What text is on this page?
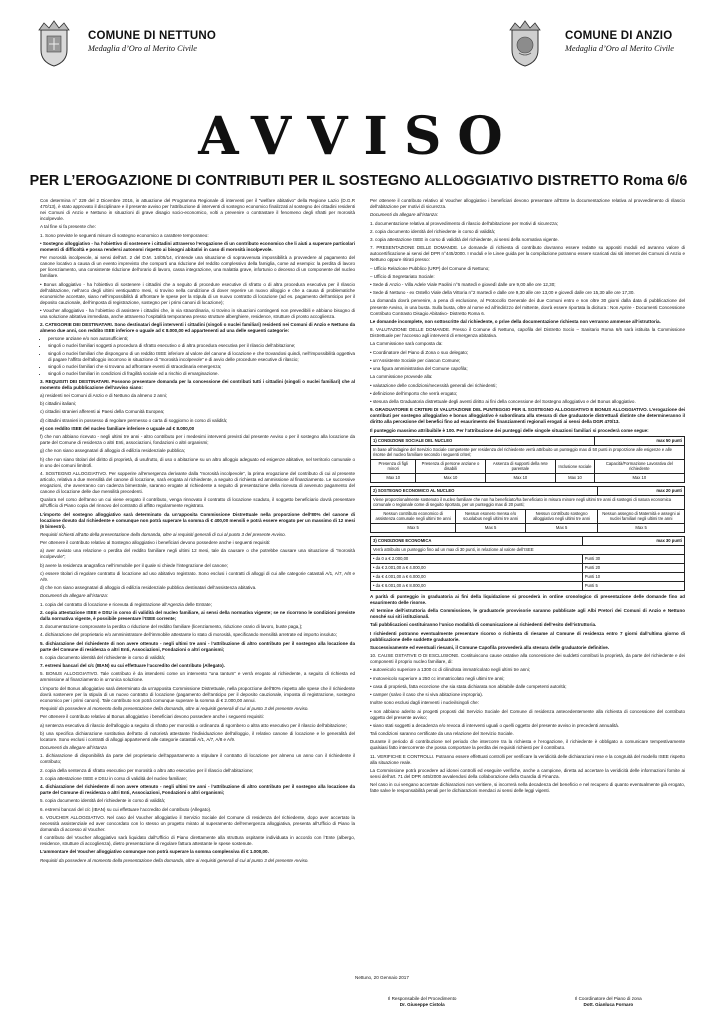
COMUNE DI NETTUNO
Medaglia d’Oro al Merito Civile
COMUNE DI ANZIO
Medaglia d’Oro al Merito Civile
AVVISO
PER L’EROGAZIONE DI CONTRIBUTI PER IL SOSTEGNO ALLOGGIATIVO DISTRETTO Roma 6/6

Con determina n° 229 del 2 Dicembre 2016, in attuazione del Programma Regionale di interventi per il “welfare abitativo” della Regione Lazio (D.G.R 470/13), è stato approvato il disciplinare e il presente avviso per l’attribuzione di interventi di sostegno economico finalizzati al sostegno dei cittadini residenti nei Comuni di Anzio e Nettuno in situazioni di grave disagio socio-economico, volti a prevenire o contrastare il fenomeno degli sfratti per morosità incolpevole.

A tal fine si fa presente che:

1. Sono previste le seguenti misure di sostegno economico a carattere temporaneo:

• Sostegno alloggiativo - ha l’obiettivo di sostenere i cittadini attraverso l’erogazione di un contributo economico che li aiuti a superare particolari momenti di difficoltà e possa rendersi autonomi rispetto ai bisogni abitativi in caso di morosità incolpevole.

Per morosità incolpevole, ai sensi dell’art. 2 del D.M. 14/05/14, s’intende una situazione di sopravvenuta impossibilità a provvedere al pagamento del canone locativo a causa di un evento imprevisto che comporti una riduzione del reddito complessivo della famiglia, come ad esempio: la perdita di lavoro per licenziamento, una consistente riduzione dell’orario di lavoro, cassa integrazione, una malattia grave, infortunio o decesso di un componente del nucleo familiare.

• Bonus alloggiativo - ha l’obiettivo di sostenere i cittadini che a seguito di procedure esecutive di sfratto o di altra procedura esecutiva per il rilascio dell’abitazione, nell’arco degli ultimi ventiquattro mesi, si trovino nella condizione di dover reperire un nuovo alloggio e che a causa di problematiche economiche accertate, siano nell’impossibilità di affrontare le spese per la stipula di un nuovo contratto di locazione (ad es. pagamento dell’anticipo per il deposito cauzionale, dell’imposta di registrazione, sostegno per i primi canoni di locazione);

• Voucher alloggiativo - ha l’obiettivo di assistere i cittadini che, in via straordinaria, si trovino in situazioni contingenti non prevedibili e abbiano bisogno di una soluzione abitativa immediata, anche attraverso l’ospitalità temporanea presso strutture alberghiere, residence, strutture di pronto accoglienza.

2. CATEGORIE DEI DESTINATARI. Sono destinatari degli interventi i cittadini (singoli o nuclei familiari) residenti nei Comuni di Anzio e Nettuno da almeno due anni, con reddito ISEE inferiore o uguale ad € 8.000,00 ed appartenenti ad una delle seguenti categorie:

• persone anziane e/o non autosufficienti;
• singoli o nuclei familiari soggetti a procedura di sfratto esecutivo o di altra procedura esecutiva per il rilascio dell’abitazione;
• singoli o nuclei familiari che dispongono di un reddito ISEE inferiore al valore del canone di locazione e che trovandosi quindi, nell’impossibilità oggettiva di pagare l’affitto dell’alloggio incorrono in situazione di “morosità incolpevole” e di avvio delle procedure esecutive di rilascio;
• singoli o nuclei familiari che si trovano ad affrontare eventi di straordinaria emergenza;
• singoli o nuclei familiari in condizioni di fragilità sociale ed a rischio di emarginazione.

3. REQUISITI DEI DESTINATARI. Possono presentare domanda per la concessione dei contributi tutti i cittadini (singoli o nuclei familiari) che al momento della pubblicazione dell’avviso siano:

a) residenti nei Comuni di Anzio e di Nettuno da almeno 2 anni;

b) cittadini italiani;

c) cittadini stranieri afferenti ai Paesi della Comunità Europea;

d) cittadini stranieri in possesso di regolare permesso o carta di soggiorno in corso di validità;

e) con reddito ISEE del nucleo familiare inferiore o uguale ad € 8.000,00

f) che non abbiano ricevuto - negli ultimi tre anni - altro contributo per i medesimi interventi previsti dal presente Avviso o per il sostegno alla locazione da parte del Comune di residenza o altri Enti, associazioni, fondazioni o altri organismi;

g) che non siano assegnatari di alloggio di edilizia residenziale pubblica;

h) che non siano titolari del diritto di proprietà, di usufrutto, di uso o abitazione su un altro alloggio adeguato ed esigenze abitative, nel territorio comunale o in uno dei comuni limitrofi.

4. SOSTEGNO ALLOGGIATIVO. Per sopperire all’emergenza derivante dalla “morosità incolpevole”, la prima erogazione del contributo di cui al presente articolo, relativa a due mensilità del canone di locazione, sarà erogata al richiedente, a seguito di richiesta ed ammissione al finanziamento. Le successive erogazioni, che avverranno con cadenza bimestrale, saranno erogate al richiedente a seguito di presentazione della ricevuta di avvenuto pagamento del canone di locazione delle due mensilità precedenti.

Qualora nel corso dell’anno un cui viene erogato il contributo, venga rinnovato il contratto di locazione scaduto, il soggetto beneficiario dovrà presentare all’Ufficio di Piano copia del rinnovo del contratto di affitto regolarmente registrato.

L’importo del sostegno alloggiativo sarà determinato da un’apposita Commissione Distrettuale nella proporzione dell’80% del canone di locazione dovuto dal richiedente e comunque non potrà superare la somma di € 400,00 mensili e potrà essere erogato per un massimo di 12 mesi (6 bimestri).

Requisiti richiesti all’atto della presentazione della domanda, oltre ai requisiti generali di cui al punto 3 del presente Avviso.

Per ottenere il contributo relativo al Sostegno alloggiativo i beneficiari devono possedere anche i seguenti requisiti:

a) aver avviato una relazione o perdita del reddito familiare negli ultimi 12 mesi, tale da causare o che potrebbe causare una situazione di “morosità incolpevole”;

b) avere la residenza anagrafica nell’immobile per il quale si chiede l’integrazione del canone;

c) essere titolari di regolare contratto di locazione ad uso abitativo registrato. Sono esclusi i contratti di alloggi di cui alle categorie catastali A/1, A/7, A/8 e A/9.

d) che non siano assegnatari di alloggio di edilizia residenziale pubblica destinatari dell’assistenza abitativa.

Documenti da allegare all’istanza:

1. copia del contratto di locazione e ricevuta di registrazione all’Agenzia delle Entrate;

2. copia attestazione ISEE e DSU in corso di validità del nucleo familiare, ai sensi della normativa vigente; se ne ricorrono le condizioni previste dalla normativa vigente, è possibile presentare l’ISEE corrente;

3. documentazione comprovante la perdita o riduzione del reddito familiare (licenziamento, riduzione orario di lavoro, buste paga,);

4. dichiarazione del proprietario e/o amministratore dell’immobile attestante lo stato di morosità, specificando mensilità arretrate ed importo insoluto;

5. dichiarazione del richiedente di non avere ottenuto - negli ultimi tre anni - l’attribuzione di altro contributo per il sostegno alla locazione da parte del Comune di residenza o altri Enti, Associazioni, Fondazioni o altri organismi;

6. copia documento identità del richiedente in corso di validità;

7. estremi bancari del c/c (IBAN) su cui effettuare l’accredito del contributo (Allegato).

5. BONUS ALLOGGIATIVO. Tale contributo è da intendersi come un intervento “una tantum” e verrà erogato al richiedente, a seguito di richiesta ed ammissione al finanziamento in un’unica soluzione.

L’importo del Bonus alloggiativo sarà determinato da un’apposita Commissione Distrettuale, nella proporzione dell’80% rispetto alle spese che il richiedente dovrà sostenere per la stipula di un nuovo contratto di locazione (pagamento dell’anticipo per il deposito cauzionale, imposta di registrazione, sostegno economico per i primi canoni). Tale contributo non potrà comunque superare la somma di € 2.000,00 annui.

Requisiti da possedere al momento della presentazione della domanda, oltre ai requisiti generali di cui al punto 3 del presente Avviso.

Per ottenere il contributo relativo al Bonus alloggiativo i beneficiari devono possedere anche i seguenti requisiti:

a) sentenza esecutiva di rilascio dell’alloggio a seguito di sfratto per morosità o ordinanza di sgombero o altra atto esecutivo per il rilascio dell’abitazione;

b) una specifica dichiarazione sostitutiva dell’atto di notorietà attestante l’individuazione dell’alloggio, il relativo canone di locazione e le generalità del locatore. Sono esclusi i contratti di alloggi appartenenti alle categorie catastali A/1, A/7, A/8 e A/9.

Documenti da allegare all’istanza

1. dichiarazione di disponibilità da parte del proprietario dell’appartamento a stipulare il contratto di locazione per almeno un anno con il richiedente il contributo;

2. copia della sentenza di sfratto esecutivo per morosità o altro atto esecutivo per il rilascio dell’abitazione;

3. copia attestazione ISEE e DSU in corso di validità del nucleo familiare;

4. dichiarazione del richiedente di non avere ottenuto - negli ultimi tre anni - l’attribuzione di altro contributo per il sostegno alla locazione da parte del Comune di residenza o altri Enti, Associazioni, Fondazioni o altri organismi;

5. copia documento identità del richiedente in corso di validità;

6. estremi bancari del c/c (IBAN) su cui effettuare l’accredito del contributo (Allegato).

6. VOUCHER ALLOGGIATIVO. Nel caso del Voucher alloggiativo il Servizio Sociale del Comune di residenza del richiedente, dopo aver accertato la necessità assistenziale ed aver concordato con lo stesso un progetto mirato al superamento dell’emergenza alloggiativa, presenta all’Ufficio di Piano la domanda di accesso al Voucher.

Il contributo del Voucher alloggiativo sarà liquidato dall’Ufficio di Piano direttamente alla struttura ospitante individuata in accordo con l’Ente (albergo, residence, strutture di accoglienza), dietro presentazione di regolare fattura attestante le spese sostenute.

L’ammontare del Voucher alloggiativo comunque non potrà superare la somma complessiva di € 1.000,00.

Requisiti da possedere al momento della presentazione della domanda, oltre ai requisiti generali di cui al punto 3 del presente Avviso.

Per ottenere il contributo relativo al Voucher alloggiativo i beneficiari devono presentare all’Ente la documentazione relativa al provvedimento di rilascio dell’abitazione per motivi di sicurezza.

Documenti da allegare all’istanza:

1. documentazione relativa al provvedimento di rilascio dell’abitazione per motivi di sicurezza;

2. copia documento identità del richiedente in corso di validità;

3. copia attestazione ISEE in corso di validità del richiedente, ai sensi della normativa vigente.

7. PRESENTAZIONE DELLE DOMANDE. Le domande di richiesta di contributo dovranno essere redatte su appositi moduli ed avranno valore di autocertificazione ai sensi del DPR n°445/2000. I moduli e le Linee guida per la compilazione potranno essere scaricati dai siti internet dei Comuni di Anzio e Nettuno oppure ritirati presso:

– Ufficio Relazione Pubblico (URP) del Comune di Nettuno;

– Ufficio di Segretariato Sociale:

• Sede di Anzio - Villa Adele Viale Paolini n°6 martedì e giovedì dalle ore 9,00 alle ore 12,30;

• Sede di Nettuno - ex Ostello Viale della Vittoria n°2 martedì e dalle ore 9,30 alle ore 13,00 e giovedì dalle ore 15,30 alle ore 17,30.

La domanda dovrà pervenire, a pena di esclusione, al Protocollo Generale dei due Comuni entro e non oltre 30 giorni dalla data di pubblicazione del presente Avviso, in una busta. Sulla busta, oltre al nome ed all’indirizzo del mittente, dovrà essere riportata la dicitura : Non Aprire - Documenti Concessione Contributo Contrasto Disagio Abitativo- Distretto Roma 6.

Le domande incomplete, non sottoscritte dal richiedente, o prive della documentazione richiesta non verranno ammesse all’istruttoria.

8. VALUTAZIONE DELLE DOMANDE. Presso il Comune di Nettuno, capofila del Distretto Socio – Sanitario Roma 6/6 sarà istituita la Commissione Distrettuale per l’accesso agli interventi di emergenza abitativa.

La Commissione sarà composta da:

• Coordinatore del Piano di Zona o suo delegato;

• un’Assistente Sociale per ciascun Comune;

• una figura amministrativa del Comune capofila;

La commissione provvede alla:

• valutazione delle condizioni/necessità generali dei richiedenti;

• definizione dell’importo che verrà erogato;

• stesura della Graduatoria distrettuale degli aventi diritto ai fini della concessione del Sostegno alloggiativo e del Bonus alloggiativo.

9. GRADUATORIE E CRITERI DI VALUTAZIONE DEL PUNTEGGIO PER IL SOSTEGNO ALLOGGIATIVO E BONUS ALLOGGIATIVO. L’erogazione dei contributi per sostegno alloggiativo e bonus alloggiativo è subordinata alla stesura di due graduatorie distrettuali distinte che determineranno il diritto alla percezione del benefici fino ad esaurimento dei finanziamenti regionali erogati ai sensi della DGR 470/13.

Il punteggio massimo attribuibile è 100. Per l’attribuzione dei punteggi delle singole situazioni familiari si procederà come segue:

1) CONDIZIONE SOCIALE DEL NUCLEO				max 50 punti
In base all’indagine del Servizio Sociale competente per residenza del richiedente verrà attribuito un punteggio max di 50 punti in proporzione alle esigenze e alle risorse del nucleo familiare secondo i seguenti criteri;				
Presenza di figli minori	Presenza di persone anziane o disabili	Assenza di supporti della rete parentale	Inclusione sociale	Capacità/Formazione Lavorativa del richiedente
Max 10	Max 10	Max 10	Max 10	Max 10
2) SOSTEGNO ECONOMICO AL NUCLEO			max 20 punti
Viene proporzionalmente sostenuto il nucleo familiare che non ha beneficiato/ha beneficiato in misura minore negli ultimi tre anni di sostegni di natura economica comunale o regionale come di seguito riportato, per un punteggio max di 20 punti;			
Nessun contributo economico di assistenza comunale negli ultimi tre anni	Nessun esonero mensa e/o scuolabus negli ultimi tre anni	Nessun contributo sostegno alloggiativo negli ultimi tre anni	Nessun assegno di Maternità e assegni ai nuclei familiari negli ultimi tre anni
Max 5	Max 5	Max 5	Max 5
3) CONDIZIONE ECONOMICA	max 30 punti
Verrà attribuito un punteggio fino ad un max di 30 punti, in relazione al valore dell’ISEE	
• da 0 a € 2.000,00	Punti 30
• da € 2.001,00 a € 4.000,00	Punti 20
• da € 4.001,00 a € 6.000,00	Punti 10
• da € 6.001,00 a € 8.000,00	Punti 5

A parità di punteggio in graduatoria ai fini della liquidazione si procederà in ordine cronologico di presentazione delle domande fino ad esaurimento delle risorse.

Al termine dell’istruttoria della Commissione, le graduatorie provvisorie saranno pubblicate agli Albi Pretori dei Comuni di Anzio e Nettuno nonché sui siti istituzionali.

Tali pubblicazioni costituiranno l’unico modalità di comunicazione ai richiedenti dell’esito dell’istruttoria.

I richiedenti potranno eventualmente presentare ricorso o richiesta di riesame al Comune di residenza entro 7 giorni dall’ultima giorno di pubblicazione delle suddette graduatorie.

Successivamente ed eventuali riesami, il Comune Capofila provvederà alla stesura delle graduatorie definitive.

10. CAUSE OSTATIVE O DI ESCLUSIONE. Costituiscono cause ostative alla concessione dei suddetti contributi la proprietà, da parte del richiedente e dei componenti il proprio nucleo familiare, di:

• autoveicolo superiore a 1300 cc di cilindrata immatricolato negli ultimi tre anni;

• motoveicolo superiore a 250 cc immatricolato negli ultimi tre anni;

• casa di proprietà, fatta eccezione che sia stata dichiarata non abitabile dalle competenti autorità;

• camper (salvo il caso che si viva abitazione impropria).

Inoltre sono esclusi dagli interventi i nuclei/singoli che:

• non abbiano aderito ai progetti proposti dal Servizio Sociale del Comune di residenza antecedentemente alla richiesta di concessione del contributo oggetto del presente avviso;

• siano stati soggetti a decadenza e/o revoca di interventi uguali o quelli oggetto del presente avviso in precedenti annualità.

Tali condizioni saranno certificate da una relazione del Servizio Sociale.

Durante il periodo di contribuzione nel periodo che intercorre tra la richiesta e l’erogazione, il richiedente è obbligato a comunicare tempestivamente qualsiasi fatto intercorrente che possa comportare la perdita dei requisiti richiesti per il contributo.

11. VERIFICHE E CONTROLLI. Potranno essere effettuati controlli per verificare la veridicità delle dichiarazioni rese e la congruità del modello ISEE rispetto alla situazione reale.

La Commissione potrà procedere ad idonei controlli ed eseguire verifiche, anche a campione, diretta ad accertare la veridicità delle informazioni fornite ai sensi dell’art. 71 del DPR 445/2000 avvalendosi della collaborazione della Guardia di Finanza.

Nel caso in cui vengano accertate dichiarazioni non veritiere, si incorrerà nella decadenza del beneficio e nel recupero di quanto eventualmente già erogato, fatte salve le responsabilità penali per le dichiarazioni mendaci ai sensi delle leggi vigenti.

Nettuno, 20 Gennaio 2017
Il Responsabile del Procedimento
Dr. Giuseppe Cistola
Il Coordinatore del Piano di zona
Dott. Gianluca Fornaro
